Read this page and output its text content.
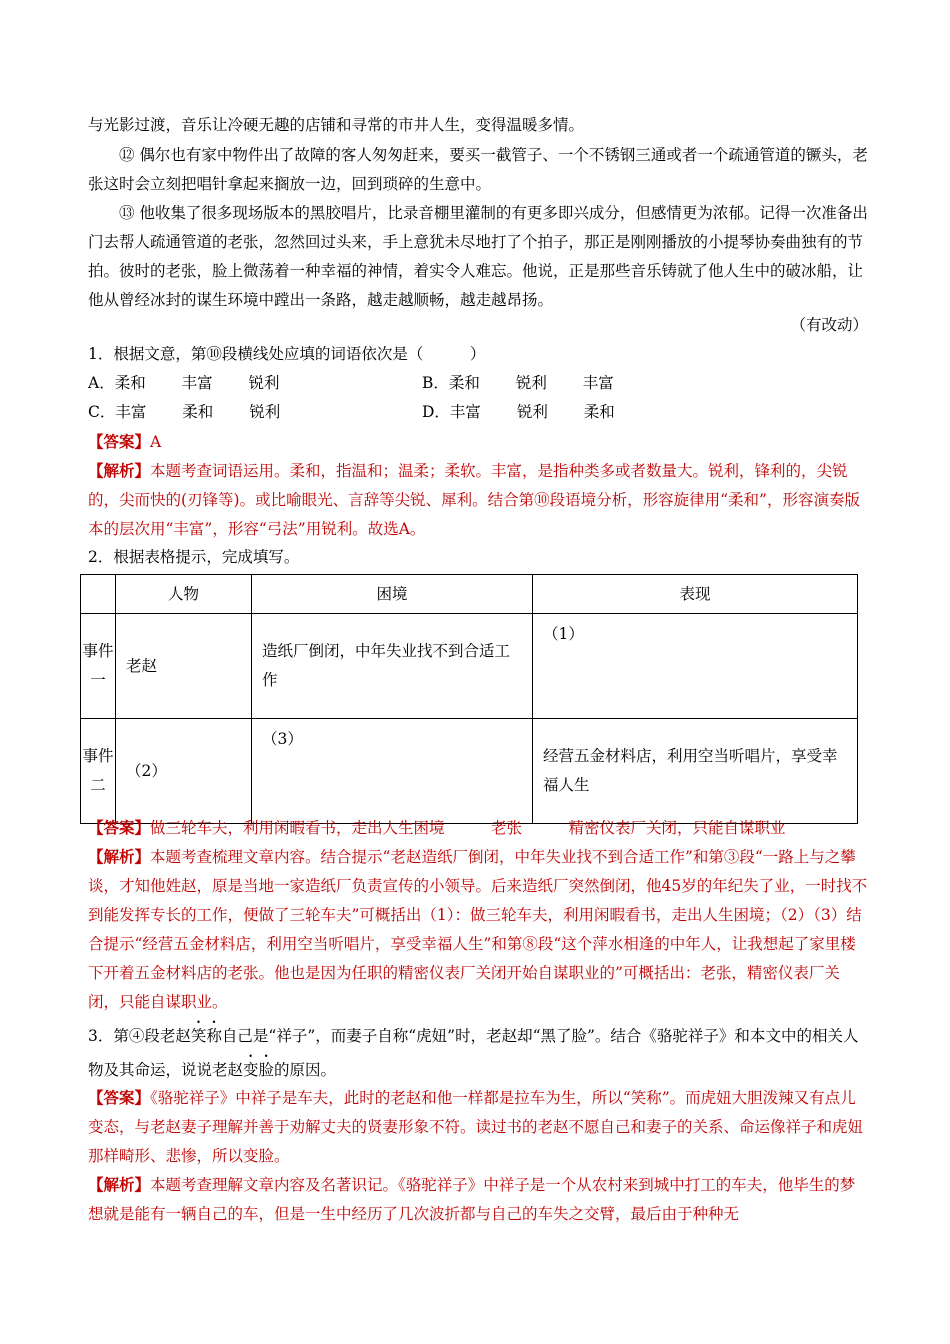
与光影过渡，音乐让冷硬无趣的店铺和寻常的市井人生，变得温暖多情。

⑫ 偶尔也有家中物件出了故障的客人匆匆赶来，要买一截管子、一个不锈钢三通或者一个疏通管道的镢头，老张这时会立刻把唱针拿起来搁放一边，回到琐碎的生意中。

⑬ 他收集了很多现场版本的黑胶唱片，比录音棚里灌制的有更多即兴成分，但感情更为浓郁。记得一次准备出门去帮人疏通管道的老张，忽然回过头来，手上意犹未尽地打了个拍子，那正是刚刚播放的小提琴协奏曲独有的节拍。彼时的老张，脸上微荡着一种幸福的神情，着实令人难忘。他说，正是那些音乐铸就了他人生中的破冰船，让他从曾经冰封的谋生环境中蹚出一条路，越走越顺畅，越走越昂扬。

（有改动）

1．根据文意，第⑩段横线处应填的词语依次是（　　　）

A．柔和　　 丰富　　 锐利	B．柔和　　 锐利　　 丰富
C．丰富　　 柔和　　 锐利	D．丰富　　 锐利　　 柔和

【答案】A

【解析】本题考查词语运用。柔和，指温和；温柔；柔软。丰富，是指种类多或者数量大。锐利，锋利的，尖锐的，尖而快的(刃锋等)。或比喻眼光、言辞等尖锐、犀利。结合第⑩段语境分析，形容旋律用“柔和”，形容演奏版本的层次用“丰富”，形容“弓法”用锐利。故选A。

2．根据表格提示，完成填写。

	人物	困境	表现
事件一	老赵	造纸厂倒闭，中年失业找不到合适工作	（1）
事件二	（2）	（3）	经营五金材料店，利用空当听唱片，享受幸福人生

【答案】做三轮车夫，利用闲暇看书，走出人生困境　　　老张　　　精密仪表厂关闭，只能自谋职业

【解析】本题考查梳理文章内容。结合提示“老赵造纸厂倒闭，中年失业找不到合适工作”和第③段“一路上与之攀谈，才知他姓赵，原是当地一家造纸厂负责宣传的小领导。后来造纸厂突然倒闭，他45岁的年纪失了业，一时找不到能发挥专长的工作，便做了三轮车夫”可概括出（1）：做三轮车夫，利用闲暇看书，走出人生困境；（2）（3）结合提示“经营五金材料店，利用空当听唱片，享受幸福人生”和第⑧段“这个萍水相逢的中年人，让我想起了家里楼下开着五金材料店的老张。他也是因为任职的精密仪表厂关闭开始自谋职业的”可概括出：老张，精密仪表厂关闭，只能自谋职业。

3．第④段老赵笑称自己是“祥子”，而妻子自称“虎妞”时，老赵却“黑了脸”。结合《骆驼祥子》和本文中的相关人物及其命运，说说老赵变脸的原因。

【答案】《骆驼祥子》中祥子是车夫，此时的老赵和他一样都是拉车为生，所以“笑称”。而虎妞大胆泼辣又有点儿变态，与老赵妻子理解并善于劝解丈夫的贤妻形象不符。读过书的老赵不愿自己和妻子的关系、命运像祥子和虎妞那样畸形、悲惨，所以变脸。

【解析】本题考查理解文章内容及名著识记。《骆驼祥子》中祥子是一个从农村来到城中打工的车夫，他毕生的梦想就是能有一辆自己的车，但是一生中经历了几次波折都与自己的车失之交臂，最后由于种种无
